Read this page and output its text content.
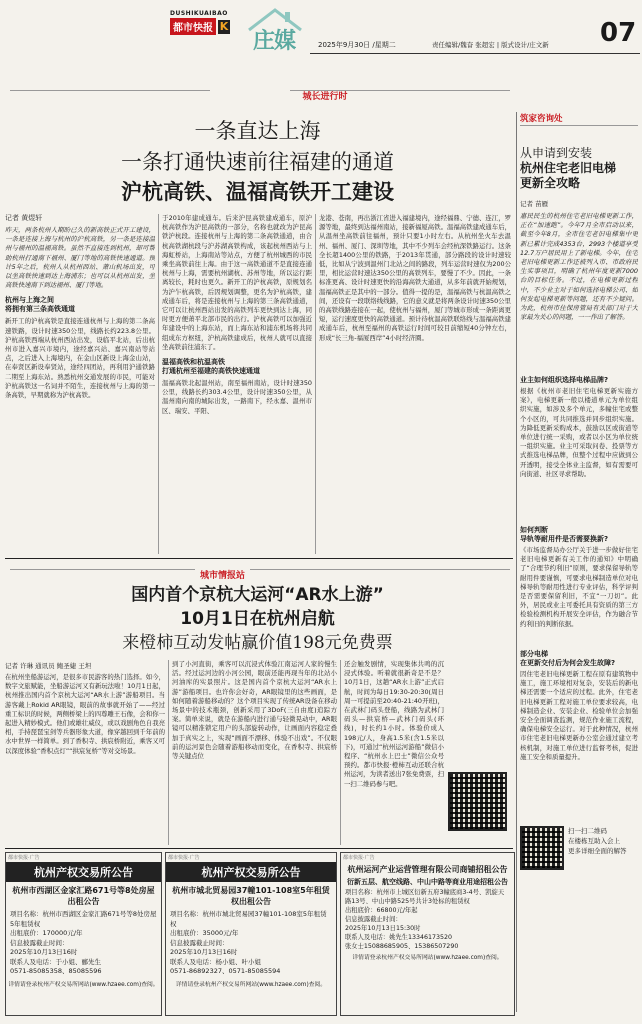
DUSHIKUAIBAO
都市快报 K
庄媒	2025年9月30日 /星期二	责任编辑/魏奋 张超宏 | 版式设计/庄文新 07
城长进行时
一条直达上海
一条打通快速前往福建的通道
沪杭高铁、温福高铁开工建设
记者 黄煜轩
昨天，两条杭州人期盼已久的新高铁正式开工建设，一条是连接上海与杭州的沪杭高铁，另一条是连接温州与福州的温福高铁。虽然不直接连到杭州，却可帮助杭州打通南下福州、厦门等地的高铁快速通道。预计5年之后，杭州人从杭州西站、萧山机场出发，可以坐高铁快速到达上海浦东；也可以从杭州出发，坐高铁快速南下到达福州、厦门等地。
杭州与上海之间
将拥有第三条高铁通道
新开工的沪杭高铁是直接连通杭州与上海的第二条高速铁路，设计时速350公里，线路长约223.8公里。沪杭高铁西端从杭州西站出发，设临平北站，后出杭州市进入嘉兴市境内，途经嘉兴站、嘉兴南站等站点，之后进入上海境内，在金山区新设上海金山站，在奉贤区新设奉贤站，途经四团站，再利用沪通铁路二期至上海东站。熟悉杭州交通发展的市民，可能对沪杭高铁这一名词并不陌生，连接杭州与上海的第一条高铁，早期就称为沪杭高铁。
于2010年建成通车。后来沪昆高铁建成通车，原沪杭高铁作为沪昆高铁的一部分，名称也就改为沪昆高铁沪杭段。连接杭州与上海的第二条高铁通道，由合杭高铁湖杭段与沪苏湖高铁构成，该起杭州西站与上海虹桥站，上海南站等站点，方便了杭州城西的市民乘坐高铁前往上海。由于这一高铁通道不是直接连通杭州与上海，需要杭州湖杭、苏州等地，所以运行距离较长，耗时也更久。新开工的沪杭高铁，原规划名为沪乍杭高铁，后因规划调整，更名为沪杭高铁，建成通车后，将是连接杭州与上海的第三条高铁通道，它可以让杭州西站出发的高铁列车更快到达上海，同时更方便萧平北部市民的出行。沪杭高铁可以加强近年建设中的上海东站，而上海东站和浦东机场将共同组成东方枢纽，沪杭高铁建成后，杭州人就可以直接坐高铁前往浦东了。
温福高铁和杭温高铁
打通杭州至福建的高铁快速通道
温福高铁北起温州站，南至福州南站，设计时速350公里，线路长约303.4公里，设计时速350公里，从温州南向南的城际出发，一路南下，经永嘉、温州市区、瑞安、平阳、
龙港、苍南，再出浙江省进入福建境内，途经福鼎、宁德、连江，罗源等地，最终到达福州南站，接新福厦高铁。温福高铁建成通车后，从温州坐高铁前往福州，预计只要1小时左右。从杭州坐火车去温州、福州、厦门、深圳等地，其中不少列车会经杭深铁路运行。这条全长超1400公里的铁路，于2013年贯通，部分路段的设计时速较低，比如从宁波到温州门北站之间的路段，列车运营时速仅为200公里，相比运营时速达350公里的高铁列车，要慢了不少。因此，一条标准更高、设计时速更快的沿海高铁大通道，从多年前就开始规划，温福高铁正是其中的一部分。值得一提的是，温福高铁与杭温高铁之间，还设有一段联络线线路，它的意义就是将两条设计时速350公里的高铁线路连接在一起，使杭州与福州，厦门等城市形成一条距离更短，运行速度更快的高铁通道。预计待杭温高铁联络线与温福高铁建成通车后，杭州至福州的高铁运行时间可较目前缩短40分钟左右，形成“长三角-福厦西岸”4小时经济圈。
筑家咨询处
从申请到安装
杭州住宅老旧电梯
更新全攻略
记者 苗雁
惠民民生的杭州住宅老旧电梯更新工作，正在“加速跑”。今年7月全市启动以来，截至今年8月，全市住宅老旧电梯集中更新已累计完成4353台，2993个楼道享受12.7万户居民用上了新电梯。今年，住宅老旧电梯更新工作还被列入市、市政府民生实事项目，明确了杭州年度更新7000台的目标任务。不过，在电梯更新过程中，不少业主对于如何选择电梯公司、如何发起电梯更新等问题，还有不少疑问。为此，杭州市住保房管局有关部门对于大家最为关心的问题，一一作出了解答。
业主如何组织选择电梯品牌?
根据《杭州市老旧住宅电梯更新实施方案》，电梯更新一般以楼道单元为单位组织实施，如涉及多个单元，多幢住宅或整个小区的，可共同推选并同步组织实施。为降低更新采购成本，鼓励以区或街道等单位进行统一采购，或者以小区为单位统一组织实施。业主可采取问卷、投票等方式推选电梯品牌，但整个过程中应做到公开透明，接受全体业主监督，如有需要可向街道、社区寻求帮助。
如何判断
导轨等耐用件是否需要换新?
《市场监督局办公厅关于进一步做好住宅老旧电梯更新有关工作的通知》中明确了“合理节约利旧”原则，要求保留导轨等耐用件要谨慎，可要求电梯制造单位对电梯导轨等耐用性进行专业评估，科学评判是否需要保留利旧，不宜“一刀切”。此外，居民或业主可委托具有资质的第三方检验检测机构开展安全评估，作为融合节约利旧的判断依据。
部分电梯
在更新交付后为何会发生故障?
因住宅老旧电梯更新工程在原有建筑物中施工，施工环境相对复杂，安装后的新电梯还需要一个适应的过程。此外，住宅老旧电梯更新工程对施工单位要求较高，电梯制造企业、安装企业、检验单位会加强安全全面调查监测，规范作业施工流程，确保电梯安全运行。对于此种情况，杭州市住宅老旧电梯更新办公室会通过建立考核机制，对施工单位进行监督考核，促进施工安全和质量提升。
扫一扫二维码
在楼栋互助入会上
更多详细全面的解答
城市情报站
国内首个京杭大运河“AR水上游”
10月1日在杭州启航
来橙柿互动发帖赢价值198元免费票
记者 许琳 通讯员 鲍圣婕 王坦
在杭州坐船游运河，是很多市民游客的热门选择。如今，数字文旅赋能，坐船游运河又有新玩法啦！10月1日起，杭州推出国内首个京杭大运河“AR水上游”游船项目。当游客戴上Rokid AR眼镜，眼前的故事就开始了——经过重工标识的时候，两侧桥梁上的四尊雕王石像，会和你一起进入精妙模式。他们或雄壮威仪，或以戏剧角色自我亮相，手持琵琶宝剑等兵器形象大道，像穿越回到千年前的水中世界一样简单。到了香积寺、拱宸桥附近，乘客又可以深度体验“香积点灯”“拱宸复桥”等对交场景。
到了小河直街，乘客可以沉浸式体验江南运河人家的慢生活。经过运河边的小河公园，眼前还能再现当年的北站小河油库的实景照片。这是国内首个京杭大运河“AR水上游”游船项目。也许你会好奇，AR眼镜里的这些画面，是如何随着游船移动的？这个项目实现了传统AR设备在移动场景中的技术瓶颈，创新采用了3DoF(三自由度)追踪方案。简单来说，就是在游船内进行通与轻微晃动中，AR眼镜可以精准锁定用户的头部旋转动作，让画面内容稳定叠加于真实之上，实现“画面不漂移、体验不出戏”。不仅眼前的运河景色会随着游船移动而变化，在香积寺、拱宸桥等关键点位
还会触发剧情，实现集体共鸣的沉浸式体验。听着就很新奇是不是？10月1日，这趟“AR水上游”正式启航，时间为每日19:30-20:30(周日周一可提前至20:40-21:40开班)，在武林门码头登船，线路为武林门码头—拱宸桥—武林门码头(环线)，时长约1小时。体验价成人198元/人，身高1.5米(含1.5米以下)，可通过“杭州运河游船”微信小程序、“杭州水上巴士”微信公众号预约。都市快报·橙柿互动还联合杭州运河，为读者送出7张免费票，扫一扫二维码参与吧。
都市快报·广告
杭州产权交易所公告
杭州市西湖区金家汇路671号等8处房屋出租公告
项目名称：杭州市西湖区金家汇路671号等8处房屋5年租赁权
出租底价：170000元/年
信息披露截止时间：
2025年10月13日16时
联系人及电话：于小姐、郦先生
0571-85085358、85085596
详情请登录杭州产权交易所网站(www.hzaee.com)查阅。
都市快报·广告
杭州产权交易所公告
杭州市城北贸易园37幢101-108室5年租赁权出租公告
项目名称：杭州市城北贸易园37幢101-108室5年租赁权
出租底价：35000元/年
信息披露截止时间：
2025年10月13日16时
联系人及电话：杨小姐、叶小姐
0571-86892327、0571-85085594
详情请登录杭州产权交易所网站(www.hzaee.com)查阅。
都市快报·广告
杭州运河产业运营管理有限公司商铺招租公告
衍新五层、航空线路、中山中路等商业用途招租公告
项目名称：杭州市上城区衍新五府3幢底商3-4号、凯旋天路13号、中山中路525号共计3处标的租赁权
出租底价：66800元/年起
信息披露截止时间：
2025年10月13日15:30时
联系人及电话：姚先生13346173520
张女士15088685905、15386507290
详情请登录杭州产权交易所网站(www.hzaee.com)查阅。
